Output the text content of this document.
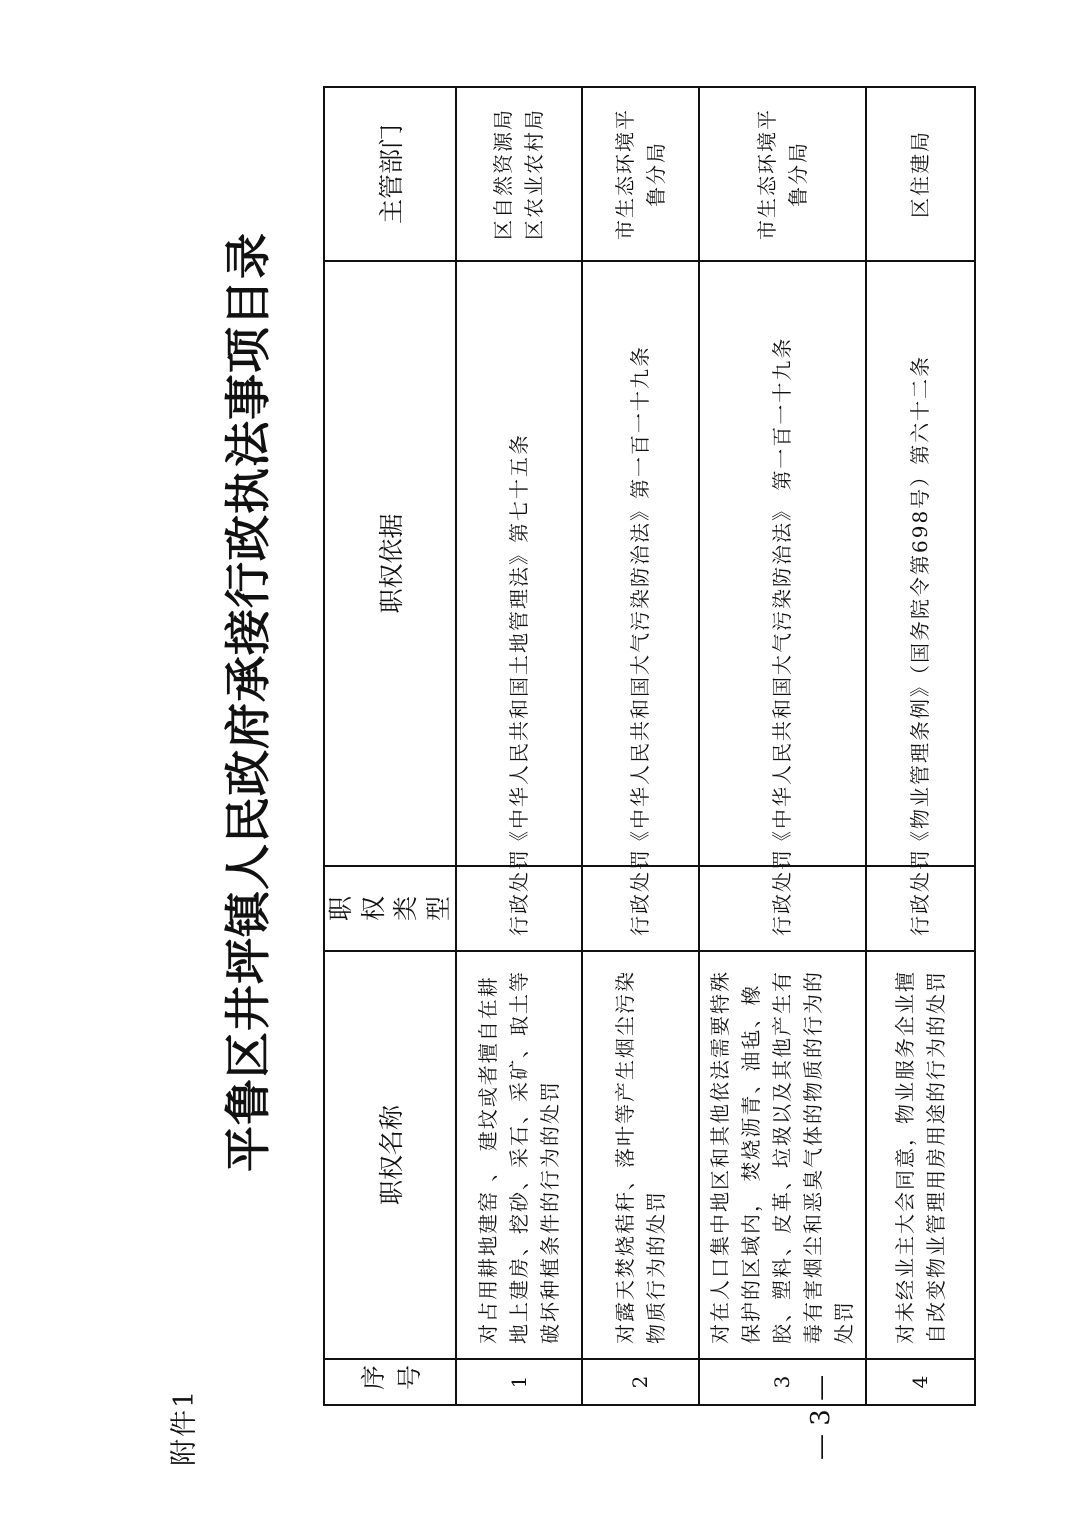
附件1
平鲁区井坪镇人民政府承接行政执法事项目录
序号	职权名称	职权类型	职权依据	主管部门
1	对占用耕地建窑 、 建坟或者擅自在耕地上建房、挖砂、采石、采矿、取土等破坏种植条件的行为的处罚	行政处罚	《中华人民共和国土地管理法》第七十五条	区自然资源局区农业农村局
2	对露天焚烧秸秆、落叶等产生烟尘污染物质行为的处罚	行政处罚	《中华人民共和国大气污染防治法》第一百一十九条	市生态环境平鲁分局
3	对在人口集中地区和其他依法需要特殊保护的区域内， 焚烧沥青、油毡、橡胶、塑料、皮革、垃圾以及其他产生有毒有害烟尘和恶臭气体的物质的行为的处罚	行政处罚	《中华人民共和国大气污染防治法》 第一百一十九条	市生态环境平鲁分局
4	对未经业主大会同意，物业服务企业擅自改变物业管理用房用途的行为的处罚	行政处罚	《物业管理条例》（国务院令第698号）第六十二条	区住建局
— 3 —
